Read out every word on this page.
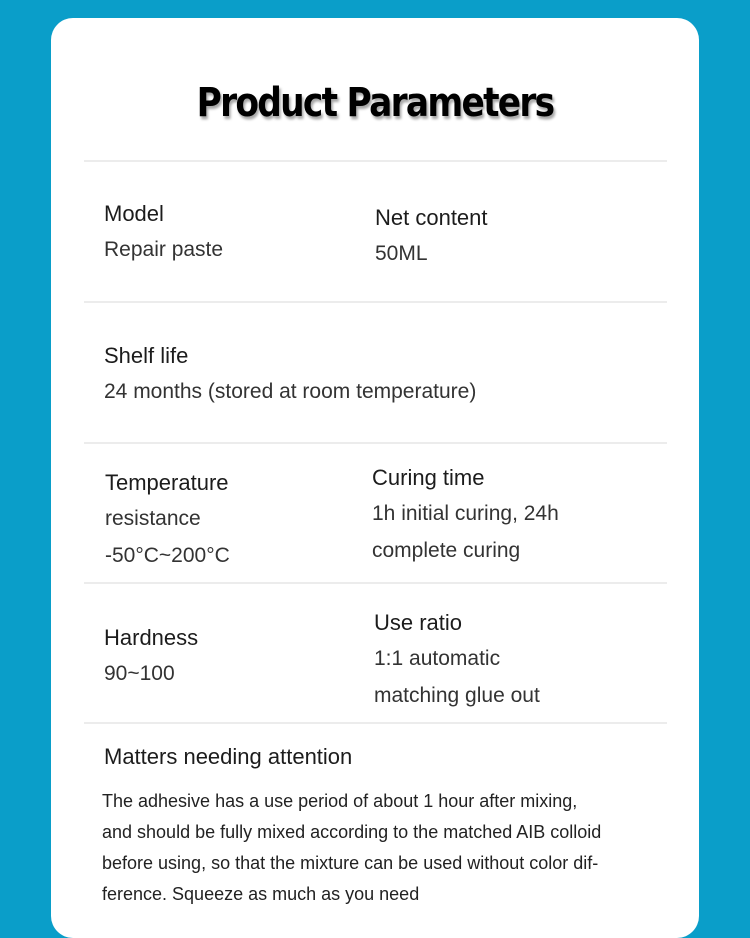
Product Parameters

Model

Repair paste

Net content

50ML

Shelf life

24 months (stored at room temperature)

Temperature

resistance
-50°C~200°C

Curing time

1h initial curing, 24h
complete curing

Hardness

90~100

Use ratio

1:1 automatic
matching glue out

Matters needing attention

The adhesive has a use period of about 1 hour after mixing,
and should be fully mixed according to the matched AIB colloid
before using, so that the mixture can be used without color dif-
ference. Squeeze as much as you need
